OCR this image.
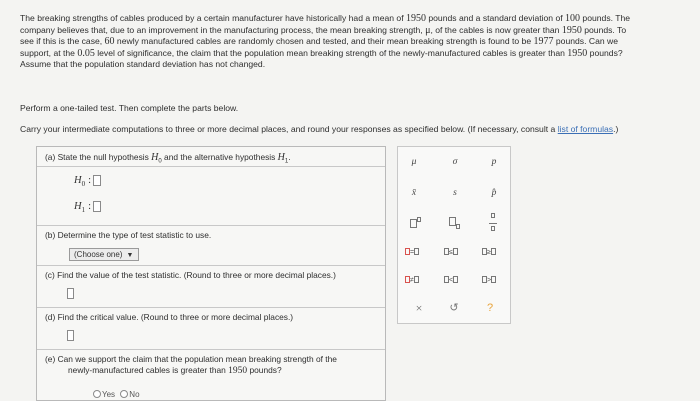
The breaking strengths of cables produced by a certain manufacturer have historically had a mean of 1950 pounds and a standard deviation of 100 pounds. The
company believes that, due to an improvement in the manufacturing process, the mean breaking strength, μ, of the cables is now greater than 1950 pounds. To
see if this is the case, 60 newly manufactured cables are randomly chosen and tested, and their mean breaking strength is found to be 1977 pounds. Can we
support, at the 0.05 level of significance, the claim that the population mean breaking strength of the newly-manufactured cables is greater than 1950 pounds?
Assume that the population standard deviation has not changed.
Perform a one-tailed test. Then complete the parts below.
Carry your intermediate computations to three or more decimal places, and round your responses as specified below. (If necessary, consult a list of formulas.)
(a) State the null hypothesis $H_0$ and the alternative hypothesis $H_1$.
$H_0$ :
$H_1$ :
(b) Determine the type of test statistic to use.
(Choose one) ▼
(c) Find the value of the test statistic. (Round to three or more decimal places.)
(d) Find the critical value. (Round to three or more decimal places.)
(e) Can we support the claim that the population mean breaking strength of the
newly-manufactured cables is greater than 1950 pounds?
Yes No
μ	σ	p
x̄	s	p̂

=	≤	≥
≠	<	>
×	↺	?
